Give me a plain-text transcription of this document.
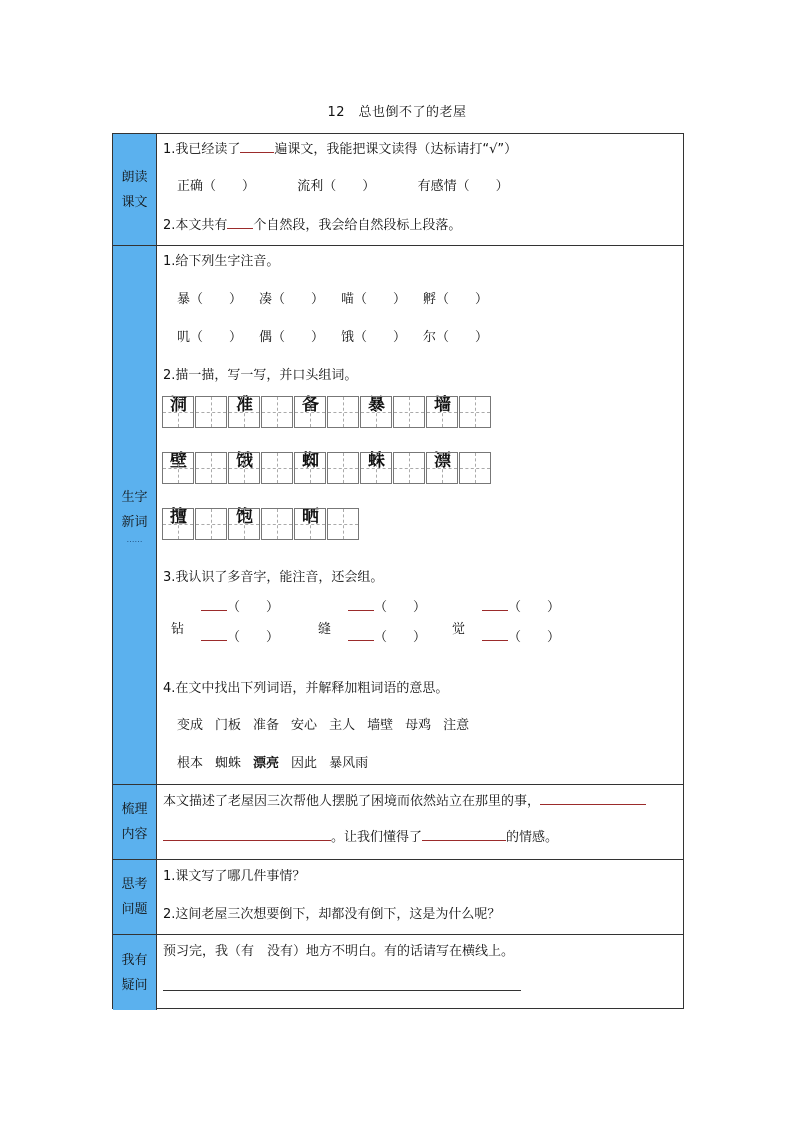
12　总也倒不了的老屋
朗读
课文
1.我已经读了	遍课文，我能把课文读得（达标请打“√”）
正确（　　）	流利（　　）	有感情（　　）
2.本文共有 个自然段，我会给自然段标上段落。
生字
新词
……
1.给下列生字注音。
暴（　　） 凑（　　） 喵（　　） 孵（　　）
叽（　　） 偶（　　） 饿（　　） 尔（　　）
2.描一描，写一写，并口头组词。
洞	准	备	暴	墙
壁	饿	蜘	蛛	漂
擅	饱	晒
3.我认识了多音字，能注音，还会组。
钻
（　　）
（　　）
缝
（　　）
（　　）
觉
（　　）
（　　）
4.在文中找出下列词语，并解释加粗词语的意思。
变成 门板 准备 安心 主人 墙壁 母鸡 注意
根本 蜘蛛 漂亮 因此 暴风雨
梳理
内容
本文描述了老屋因三次帮他人摆脱了困境而依然站立在那里的事，
。让我们懂得了	的情感。
思考
问题
1.课文写了哪几件事情？
2.这间老屋三次想要倒下，却都没有倒下，这是为什么呢？
我有
疑问
预习完，我（有　没有）地方不明白。有的话请写在横线上。
